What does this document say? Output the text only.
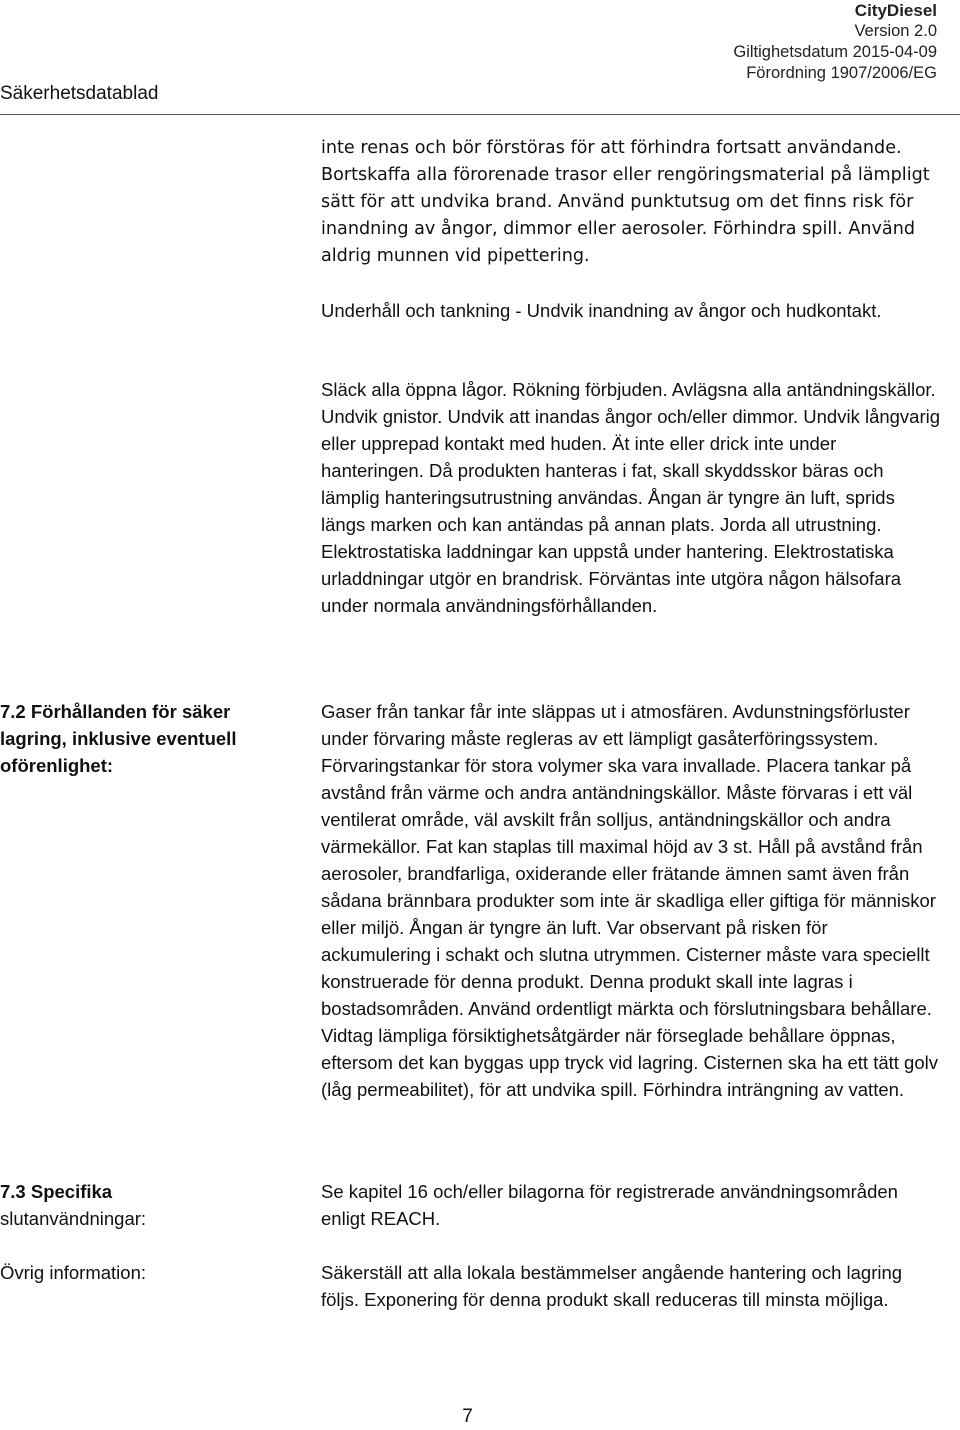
CityDiesel
Version 2.0
Giltighetsdatum 2015-04-09
Förordning 1907/2006/EG
Säkerhetsdatablad

inte renas och bör förstöras för att förhindra fortsatt användande. Bortskaffa alla förorenade trasor eller rengöringsmaterial på lämpligt sätt för att undvika brand. Använd punktutsug om det finns risk för inandning av ångor, dimmor eller aerosoler. Förhindra spill. Använd aldrig munnen vid pipettering.

Underhåll och tankning - Undvik inandning av ångor och hudkontakt.

Släck alla öppna lågor. Rökning förbjuden. Avlägsna alla antändningskällor. Undvik gnistor. Undvik att inandas ångor och/eller dimmor. Undvik långvarig eller upprepad kontakt med huden. Ät inte eller drick inte under hanteringen. Då produkten hanteras i fat, skall skyddsskor bäras och lämplig hanteringsutrustning användas. Ångan är tyngre än luft, sprids längs marken och kan antändas på annan plats. Jorda all utrustning. Elektrostatiska laddningar kan uppstå under hantering. Elektrostatiska urladdningar utgör en brandrisk. Förväntas inte utgöra någon hälsofara under normala användningsförhållanden.

7.2 Förhållanden för säker lagring, inklusive eventuell oförenlighet:

Gaser från tankar får inte släppas ut i atmosfären. Avdunstningsförluster under förvaring måste regleras av ett lämpligt gasåterföringssystem. Förvaringstankar för stora volymer ska vara invallade. Placera tankar på avstånd från värme och andra antändningskällor. Måste förvaras i ett väl ventilerat område, väl avskilt från solljus, antändningskällor och andra värmekällor. Fat kan staplas till maximal höjd av 3 st. Håll på avstånd från aerosoler, brandfarliga, oxiderande eller frätande ämnen samt även från sådana brännbara produkter som inte är skadliga eller giftiga för människor eller miljö. Ångan är tyngre än luft. Var observant på risken för ackumulering i schakt och slutna utrymmen. Cisterner måste vara speciellt konstruerade för denna produkt. Denna produkt skall inte lagras i bostadsområden. Använd ordentligt märkta och förslutningsbara behållare. Vidtag lämpliga försiktighetsåtgärder när förseglade behållare öppnas, eftersom det kan byggas upp tryck vid lagring. Cisternen ska ha ett tätt golv (låg permeabilitet), för att undvika spill. Förhindra inträngning av vatten.

7.3 Specifika
slutanvändningar:

Se kapitel 16 och/eller bilagorna för registrerade användningsområden enligt REACH.

Övrig information:	Säkerställ att alla lokala bestämmelser angående hantering och lagring följs. Exponering för denna produkt skall reduceras till minsta möjliga.

7
